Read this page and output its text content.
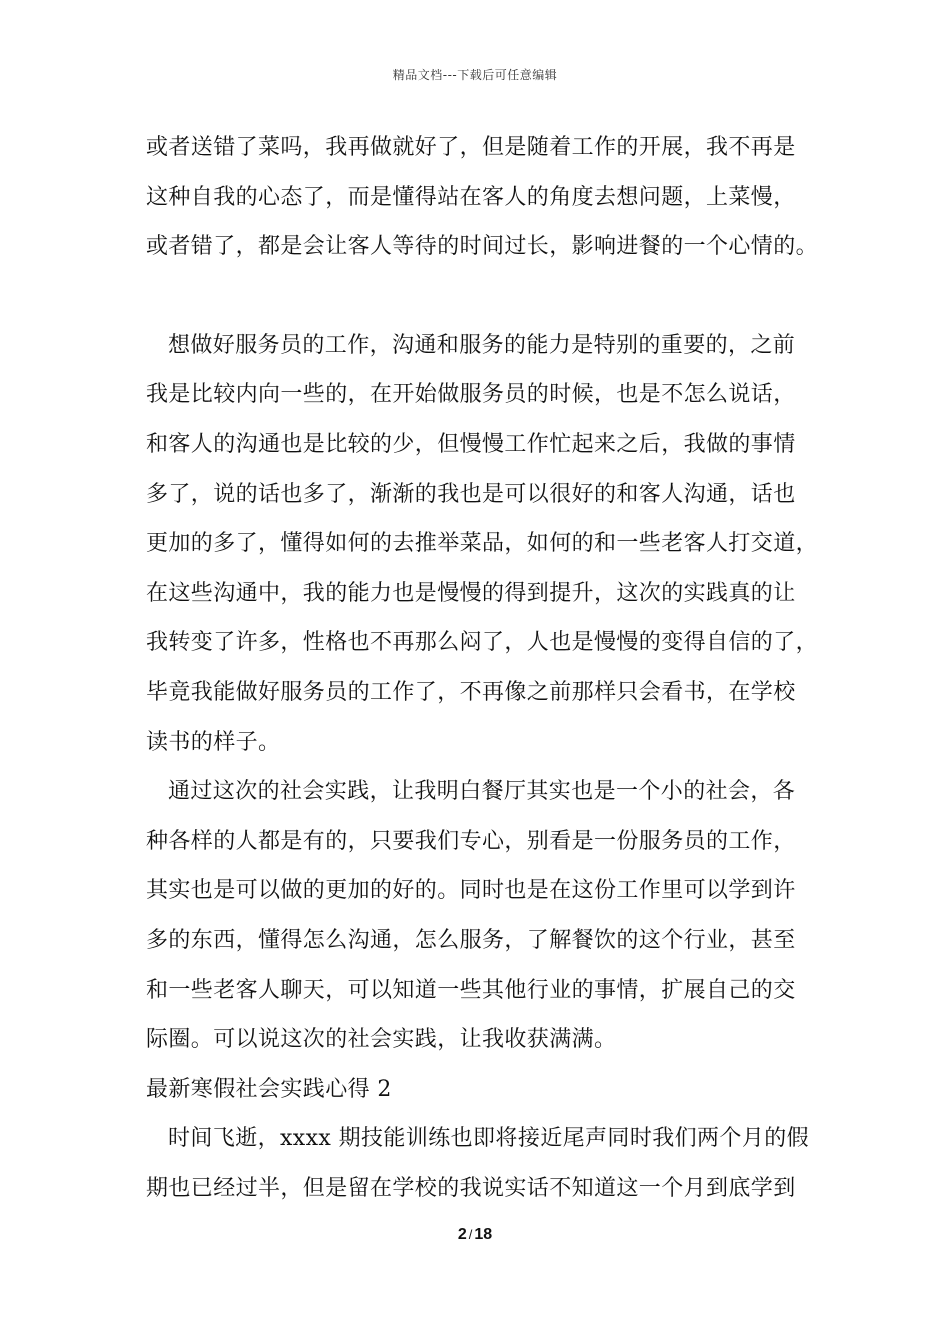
精品文档---下载后可任意编辑
或者送错了菜吗，我再做就好了，但是随着工作的开展，我不再是
这种自我的心态了，而是懂得站在客人的角度去想问题，上菜慢，
或者错了，都是会让客人等待的时间过长，影响进餐的一个心情的。
想做好服务员的工作，沟通和服务的能力是特别的重要的，之前
我是比较内向一些的，在开始做服务员的时候，也是不怎么说话，
和客人的沟通也是比较的少，但慢慢工作忙起来之后，我做的事情
多了，说的话也多了，渐渐的我也是可以很好的和客人沟通，话也
更加的多了，懂得如何的去推举菜品，如何的和一些老客人打交道，
在这些沟通中，我的能力也是慢慢的得到提升，这次的实践真的让
我转变了许多，性格也不再那么闷了，人也是慢慢的变得自信的了，
毕竟我能做好服务员的工作了，不再像之前那样只会看书，在学校
读书的样子。
通过这次的社会实践，让我明白餐厅其实也是一个小的社会，各
种各样的人都是有的，只要我们专心，别看是一份服务员的工作，
其实也是可以做的更加的好的。同时也是在这份工作里可以学到许
多的东西，懂得怎么沟通，怎么服务，了解餐饮的这个行业，甚至
和一些老客人聊天，可以知道一些其他行业的事情，扩展自己的交
际圈。可以说这次的社会实践，让我收获满满。
最新寒假社会实践心得 2
时间飞逝，xxxx 期技能训练也即将接近尾声同时我们两个月的假
期也已经过半，但是留在学校的我说实话不知道这一个月到底学到
2 / 18
